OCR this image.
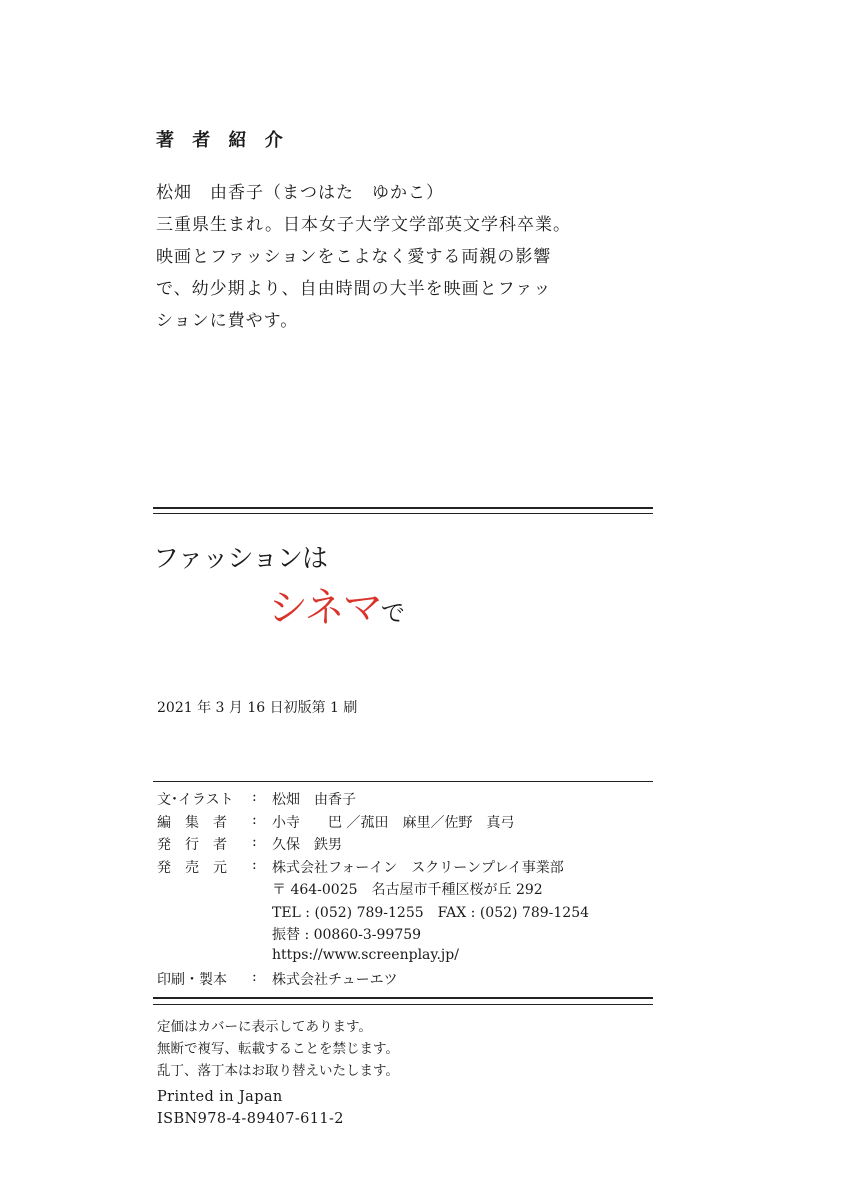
著 者 紹 介
松畑　由香子（まつはた　ゆかこ）
三重県生まれ。日本女子大学文学部英文学科卒業。
映画とファッションをこよなく愛する両親の影響
で、幼少期より、自由時間の大半を映画とファッ
ションに費やす。
ファッションは
シネマで
2021 年 3 月 16 日初版第 1 刷
文･イラスト	:	松畑　由香子
編　集　者	:	小寺　　巴 ／菰田　麻里／佐野　真弓
発　行　者	:	久保　鉄男
発　売　元	:	株式会社フォーイン　スクリーンプレイ事業部
		〒 464-0025　名古屋市千種区桜が丘 292
		TEL : (052) 789-1255　FAX : (052) 789-1254
		振替 : 00860-3-99759
		https://www.screenplay.jp/
印刷・製本	:	株式会社チューエツ
定価はカバーに表示してあります。
無断で複写、転載することを禁じます。
乱丁、落丁本はお取り替えいたします。
Printed in Japan
ISBN978-4-89407-611-2
